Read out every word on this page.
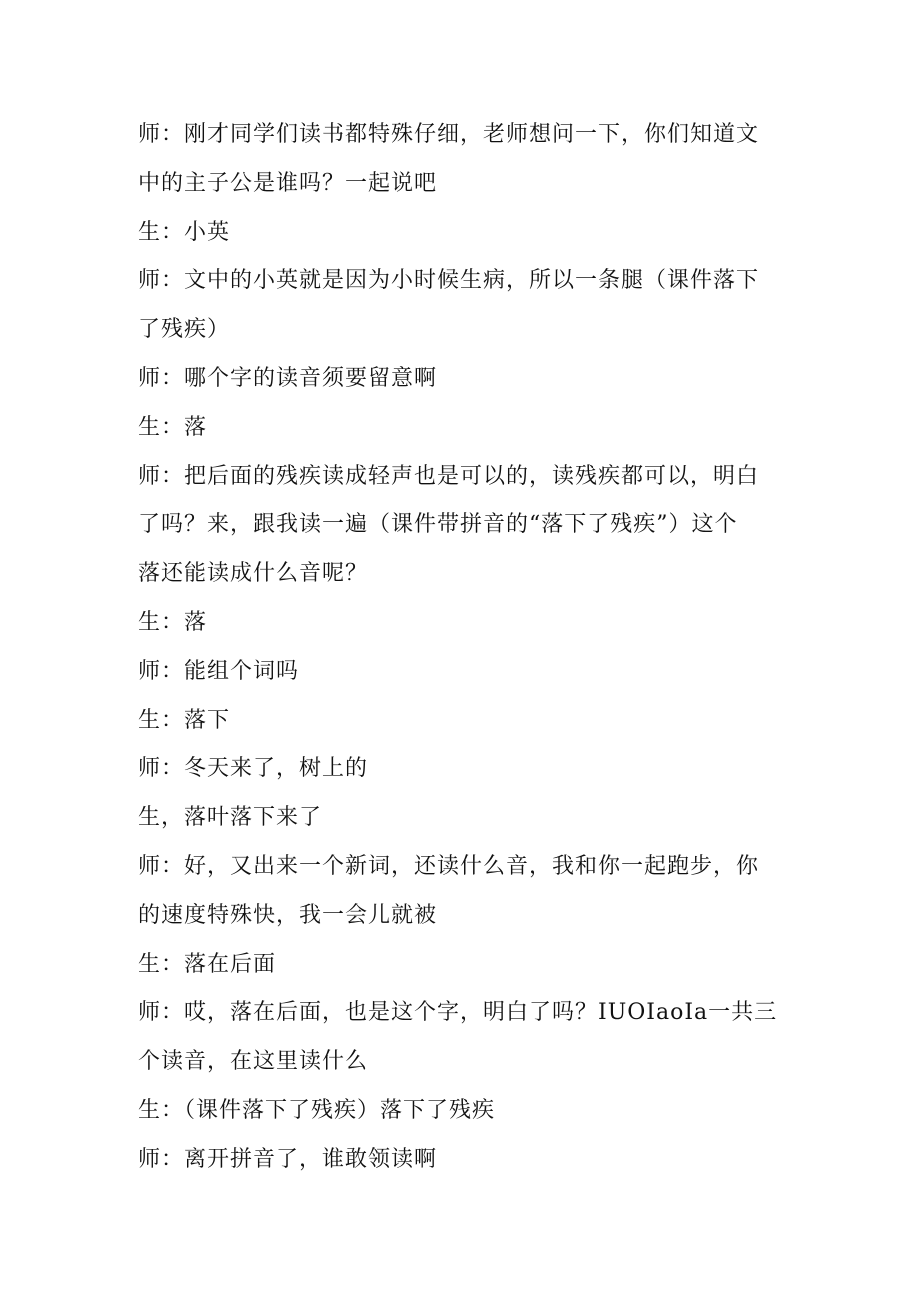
师：刚才同学们读书都特殊仔细，老师想问一下，你们知道文
中的主子公是谁吗？一起说吧
生：小英
师：文中的小英就是因为小时候生病，所以一条腿（课件落下
了残疾）
师：哪个字的读音须要留意啊
生：落
师：把后面的残疾读成轻声也是可以的，读残疾都可以，明白
了吗？来，跟我读一遍（课件带拼音的“落下了残疾”）这个
落还能读成什么音呢？
生：落
师：能组个词吗
生：落下
师：冬天来了，树上的
生，落叶落下来了
师：好，又出来一个新词，还读什么音，我和你一起跑步，你
的速度特殊快，我一会儿就被
生：落在后面
师：哎，落在后面，也是这个字，明白了吗？IUOIaoIa一共三
个读音，在这里读什么
生：（课件落下了残疾）落下了残疾
师：离开拼音了，谁敢领读啊
